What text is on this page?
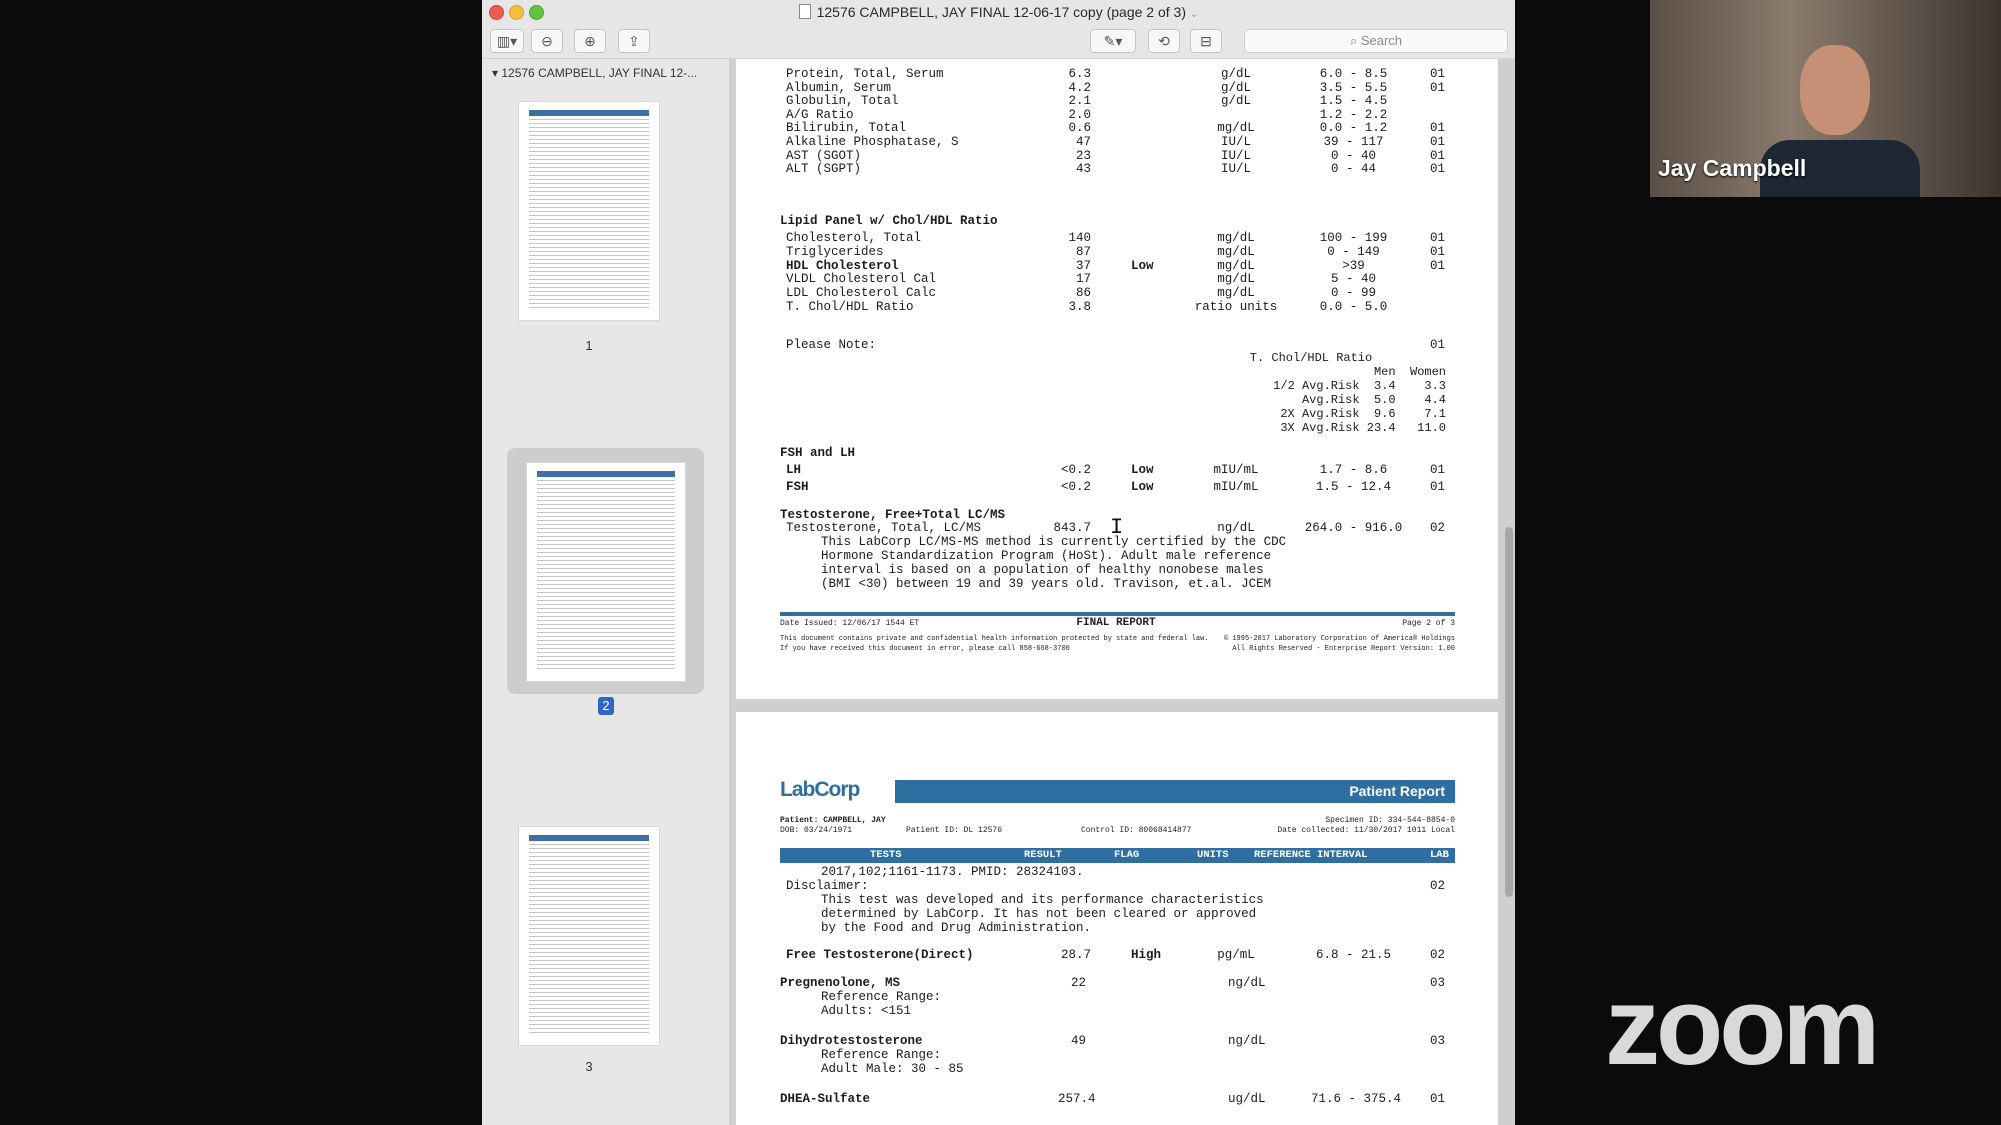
12576 CAMPBELL, JAY FINAL 12-06-17 copy (page 2 of 3) ⌄
▥▾	⊖	⊕	⇪	✎▾	⟲	⊟	⌕ Search
▾ 12576 CAMPBELL, JAY FINAL 12-...
1
2
3
Protein, Total, Serum	6.3	g/dL	6.0 - 8.5	01
Albumin, Serum	4.2	g/dL	3.5 - 5.5	01
Globulin, Total	2.1	g/dL	1.5 - 4.5
A/G Ratio	2.0	1.2 - 2.2
Bilirubin, Total	0.6	mg/dL	0.0 - 1.2	01
Alkaline Phosphatase, S	47	IU/L	39 - 117	01
AST (SGOT)	23	IU/L	0 - 40	01
ALT (SGPT)	43	IU/L	0 - 44	01
Lipid Panel w/ Chol/HDL Ratio
Cholesterol, Total	140	mg/dL	100 - 199	01
Triglycerides	87	mg/dL	0 - 149	01
HDL Cholesterol	37	Low	mg/dL	>39	01
VLDL Cholesterol Cal	17	mg/dL	5 - 40
LDL Cholesterol Calc	86	mg/dL	0 - 99
T. Chol/HDL Ratio	3.8	ratio units	0.0 - 5.0
Please Note:	01
T. Chol/HDL Ratio
Men  Women
1/2 Avg.Risk  3.4    3.3
Avg.Risk  5.0    4.4
2X Avg.Risk  9.6    7.1
3X Avg.Risk 23.4   11.0
FSH and LH
LH	<0.2	Low	mIU/mL	1.7 - 8.6	01
FSH	<0.2	Low	mIU/mL	1.5 - 12.4	01
Testosterone, Free+Total LC/MS
Testosterone, Total, LC/MS	843.7	ng/dL	264.0 - 916.0 02
This LabCorp LC/MS-MS method is currently certified by the CDC
Hormone Standardization Program (HoSt). Adult male reference
interval is based on a population of healthy nonobese males
(BMI <30) between 19 and 39 years old. Travison, et.al. JCEM
Date Issued: 12/06/17 1544 ET	FINAL REPORT	Page 2 of 3
This document contains private and confidential health information protected by state and federal law.
If you have received this document in error, please call 858-668-3700
© 1995-2017 Laboratory Corporation of America® Holdings
All Rights Reserved - Enterprise Report Version: 1.00
LabCorp	Patient Report
Patient: CAMPBELL, JAY
DOB: 03/24/1971	Patient ID: DL 12576	Control ID: 80068414877
Specimen ID: 334-544-8854-0
Date collected: 11/30/2017 1011 Local
TESTS	RESULT	FLAG	UNITS REFERENCE INTERVAL	LAB
2017,102;1161-1173. PMID: 28324103.
Disclaimer:	02
This test was developed and its performance characteristics
determined by LabCorp. It has not been cleared or approved
by the Food and Drug Administration.
Free Testosterone(Direct)	28.7	High	pg/mL	6.8 - 21.5	02
Pregnenolone, MS	22	ng/dL	03
Reference Range:
Adults: <151
Dihydrotestosterone	49	ng/dL	03
Reference Range:
Adult Male: 30 - 85
DHEA-Sulfate	257.4	ug/dL	71.6 - 375.4 01
I
Jay Campbell
zoom
